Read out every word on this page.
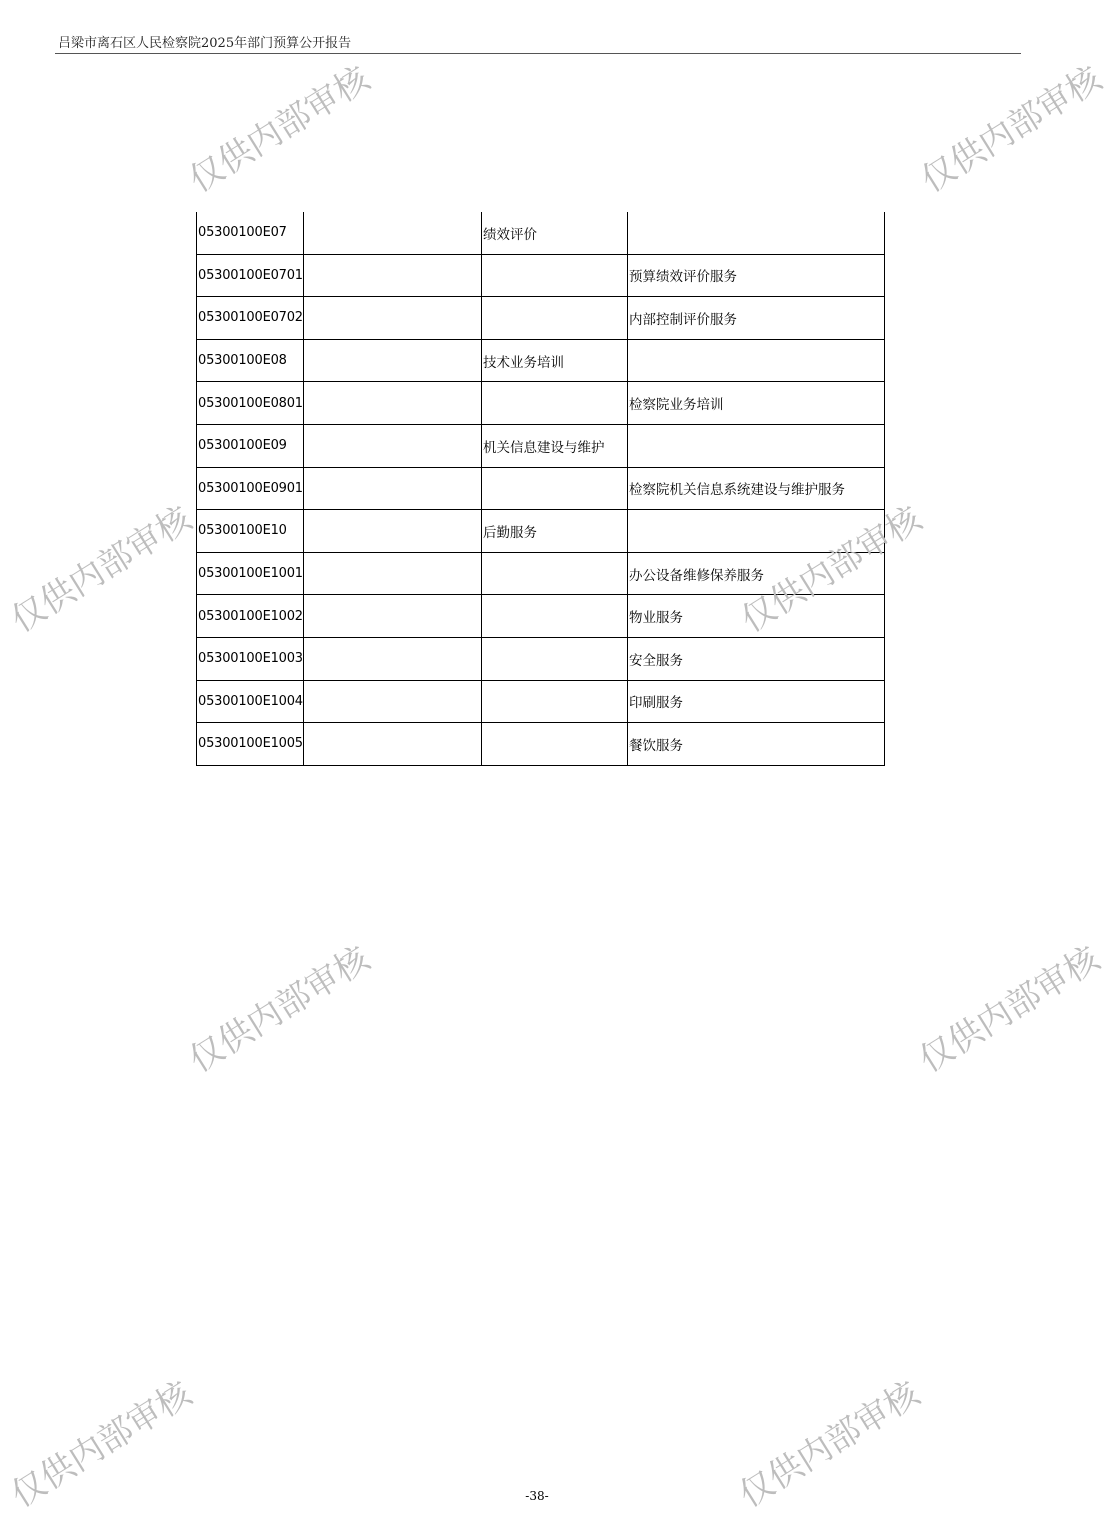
吕梁市离石区人民检察院2025年部门预算公开报告
05300100E07		绩效评价	
05300100E0701			预算绩效评价服务
05300100E0702			内部控制评价服务
05300100E08		技术业务培训	
05300100E0801			检察院业务培训
05300100E09		机关信息建设与维护	
05300100E0901			检察院机关信息系统建设与维护服务
05300100E10		后勤服务	
05300100E1001			办公设备维修保养服务
05300100E1002			物业服务
05300100E1003			安全服务
05300100E1004			印刷服务
05300100E1005			餐饮服务
仅供内部审核	仅供内部审核
仅供内部审核	仅供内部审核
仅供内部审核	仅供内部审核
仅供内部审核	仅供内部审核
-38-
